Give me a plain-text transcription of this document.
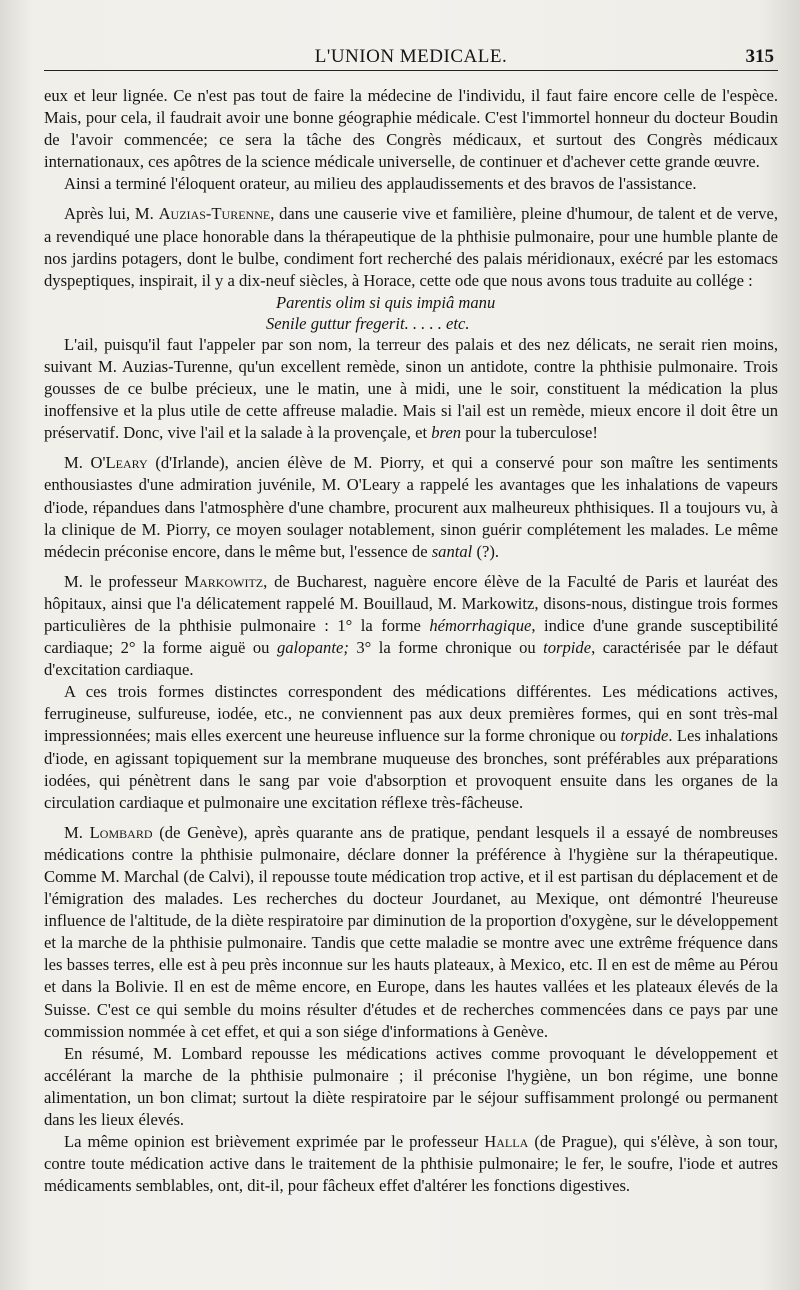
L'UNION MEDICALE.	315

eux et leur lignée. Ce n'est pas tout de faire la médecine de l'individu, il faut faire encore celle de l'espèce. Mais, pour cela, il faudrait avoir une bonne géographie médicale. C'est l'immortel honneur du docteur Boudin de l'avoir commencée; ce sera la tâche des Congrès médicaux, et surtout des Congrès médicaux internationaux, ces apôtres de la science médicale universelle, de continuer et d'achever cette grande œuvre.

Ainsi a terminé l'éloquent orateur, au milieu des applaudissements et des bravos de l'assistance.

Après lui, M. Auzias-Turenne, dans une causerie vive et familière, pleine d'humour, de talent et de verve, a revendiqué une place honorable dans la thérapeutique de la phthisie pulmonaire, pour une humble plante de nos jardins potagers, dont le bulbe, condiment fort recherché des palais méridionaux, exécré par les estomacs dyspeptiques, inspirait, il y a dix-neuf siècles, à Horace, cette ode que nous avons tous traduite au collége :

Parentis olim si quis impiâ manu
Senile guttur fregerit. . . . . etc.

L'ail, puisqu'il faut l'appeler par son nom, la terreur des palais et des nez délicats, ne serait rien moins, suivant M. Auzias-Turenne, qu'un excellent remède, sinon un antidote, contre la phthisie pulmonaire. Trois gousses de ce bulbe précieux, une le matin, une à midi, une le soir, constituent la médication la plus inoffensive et la plus utile de cette affreuse maladie. Mais si l'ail est un remède, mieux encore il doit être un préservatif. Donc, vive l'ail et la salade à la provençale, et bren pour la tuberculose!

M. O'Leary (d'Irlande), ancien élève de M. Piorry, et qui a conservé pour son maître les sentiments enthousiastes d'une admiration juvénile, M. O'Leary a rappelé les avantages que les inhalations de vapeurs d'iode, répandues dans l'atmosphère d'une chambre, procurent aux malheureux phthisiques. Il a toujours vu, à la clinique de M. Piorry, ce moyen soulager notablement, sinon guérir complétement les malades. Le même médecin préconise encore, dans le même but, l'essence de santal (?).

M. le professeur Markowitz, de Bucharest, naguère encore élève de la Faculté de Paris et lauréat des hôpitaux, ainsi que l'a délicatement rappelé M. Bouillaud, M. Markowitz, disons-nous, distingue trois formes particulières de la phthisie pulmonaire : 1° la forme hémorrhagique, indice d'une grande susceptibilité cardiaque; 2° la forme aiguë ou galopante; 3° la forme chronique ou torpide, caractérisée par le défaut d'excitation cardiaque.

A ces trois formes distinctes correspondent des médications différentes. Les médications actives, ferrugineuse, sulfureuse, iodée, etc., ne conviennent pas aux deux premières formes, qui en sont très-mal impressionnées; mais elles exercent une heureuse influence sur la forme chronique ou torpide. Les inhalations d'iode, en agissant topiquement sur la membrane muqueuse des bronches, sont préférables aux préparations iodées, qui pénètrent dans le sang par voie d'absorption et provoquent ensuite dans les organes de la circulation cardiaque et pulmonaire une excitation réflexe très-fâcheuse.

M. Lombard (de Genève), après quarante ans de pratique, pendant lesquels il a essayé de nombreuses médications contre la phthisie pulmonaire, déclare donner la préférence à l'hygiène sur la thérapeutique. Comme M. Marchal (de Calvi), il repousse toute médication trop active, et il est partisan du déplacement et de l'émigration des malades. Les recherches du docteur Jourdanet, au Mexique, ont démontré l'heureuse influence de l'altitude, de la diète respiratoire par diminution de la proportion d'oxygène, sur le développement et la marche de la phthisie pulmonaire. Tandis que cette maladie se montre avec une extrême fréquence dans les basses terres, elle est à peu près inconnue sur les hauts plateaux, à Mexico, etc. Il en est de même au Pérou et dans la Bolivie. Il en est de même encore, en Europe, dans les hautes vallées et les plateaux élevés de la Suisse. C'est ce qui semble du moins résulter d'études et de recherches commencées dans ce pays par une commission nommée à cet effet, et qui a son siége d'informations à Genève.

En résumé, M. Lombard repousse les médications actives comme provoquant le développement et accélérant la marche de la phthisie pulmonaire ; il préconise l'hygiène, un bon régime, une bonne alimentation, un bon climat; surtout la diète respiratoire par le séjour suffisamment prolongé ou permanent dans les lieux élevés.

La même opinion est brièvement exprimée par le professeur Halla (de Prague), qui s'élève, à son tour, contre toute médication active dans le traitement de la phthisie pulmonaire; le fer, le soufre, l'iode et autres médicaments semblables, ont, dit-il, pour fâcheux effet d'altérer les fonctions digestives.
